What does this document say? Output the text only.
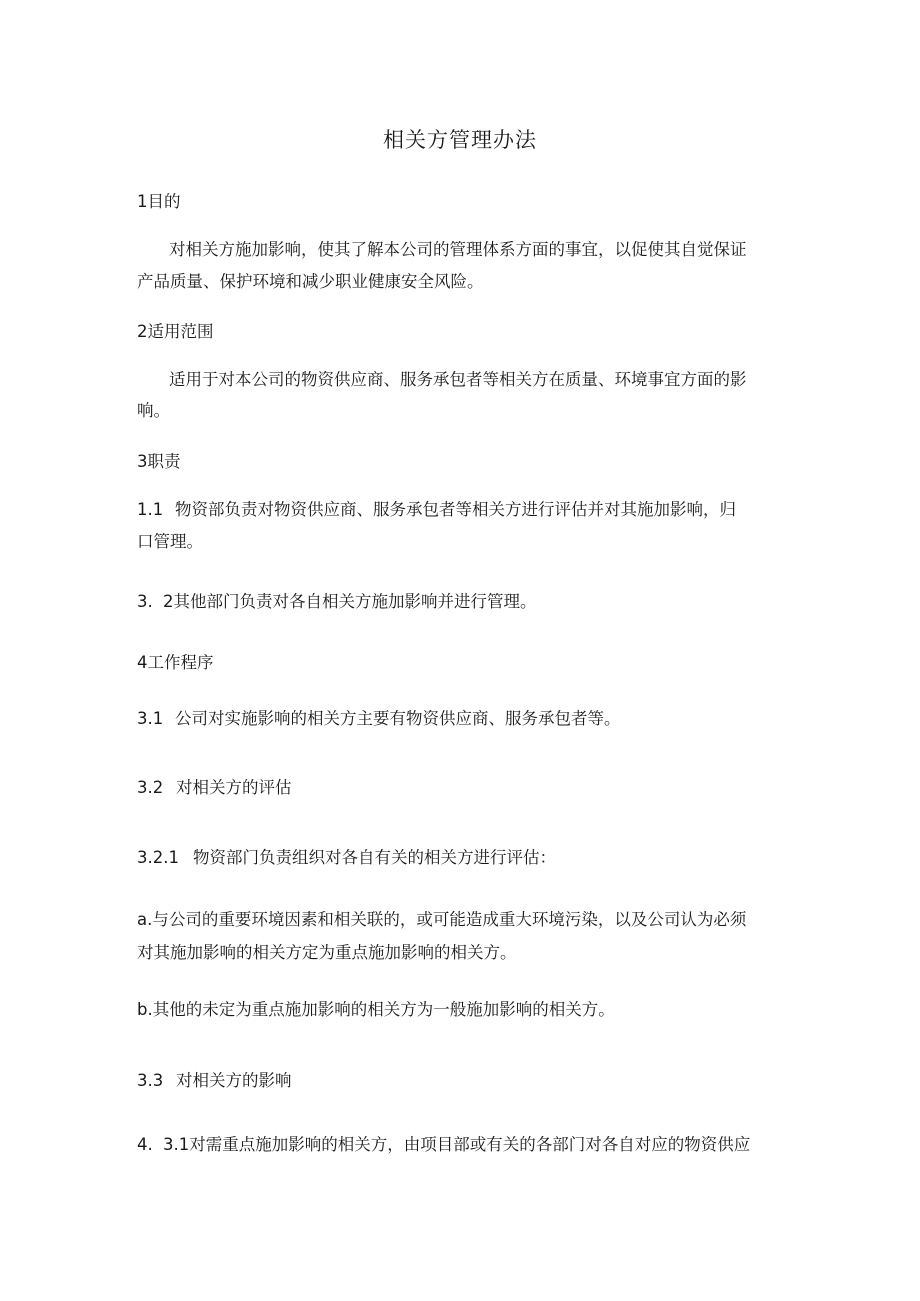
相关方管理办法
1目的
对相关方施加影响，使其了解本公司的管理体系方面的事宜，以促使其自觉保证
产品质量、保护环境和减少职业健康安全风险。
2适用范围
适用于对本公司的物资供应商、服务承包者等相关方在质量、环境事宜方面的影
响。
3职责
1.1 物资部负责对物资供应商、服务承包者等相关方进行评估并对其施加影响，归
口管理。
3. 2其他部门负责对各自相关方施加影响并进行管理。
4工作程序
3.1 公司对实施影响的相关方主要有物资供应商、服务承包者等。
3.2 对相关方的评估
3.2.1 物资部门负责组织对各自有关的相关方进行评估：
a.与公司的重要环境因素和相关联的，或可能造成重大环境污染，以及公司认为必须
对其施加影响的相关方定为重点施加影响的相关方。
b.其他的未定为重点施加影响的相关方为一般施加影响的相关方。
3.3 对相关方的影响
4. 3.1对需重点施加影响的相关方，由项目部或有关的各部门对各自对应的物资供应
